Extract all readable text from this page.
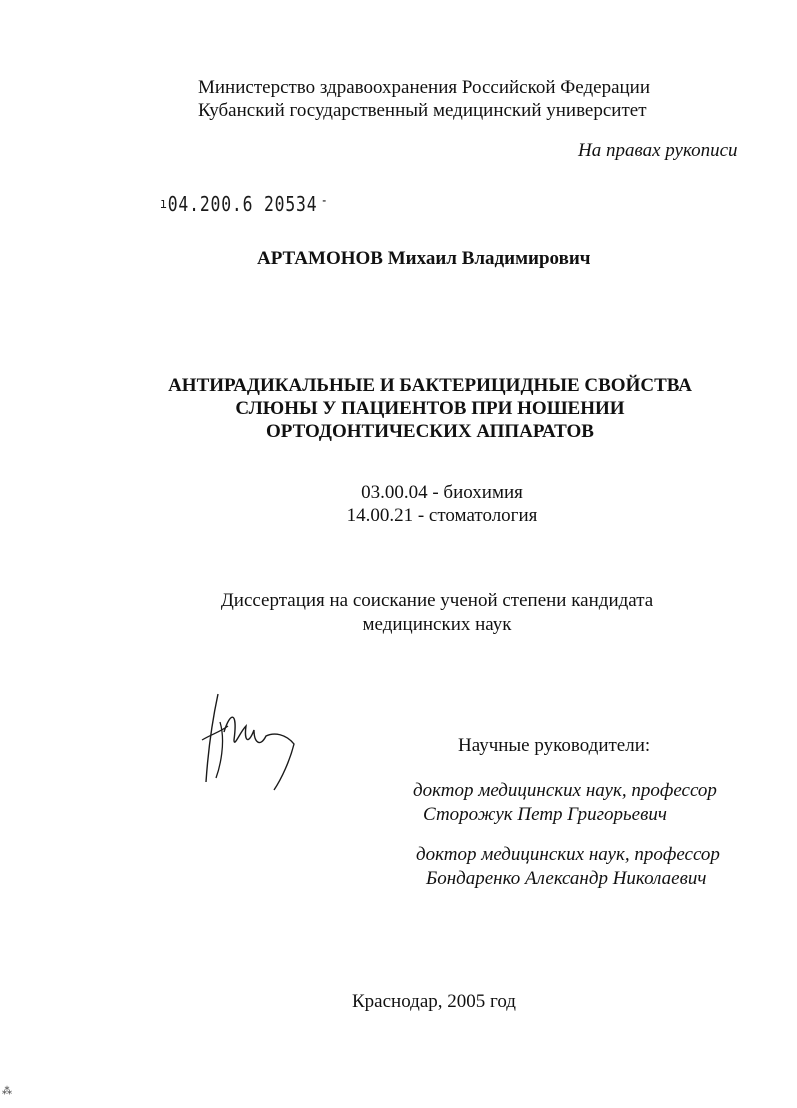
Министерство здравоохранения Российской Федерации
Кубанский государственный медицинский университет
На правах рукописи
ı04.200.6 20534 -
АРТАМОНОВ Михаил Владимирович
АНТИРАДИКАЛЬНЫЕ И БАКТЕРИЦИДНЫЕ СВОЙСТВА
СЛЮНЫ У ПАЦИЕНТОВ ПРИ НОШЕНИИ
ОРТОДОНТИЧЕСКИХ АППАРАТОВ
03.00.04 - биохимия
14.00.21 - стоматология
Диссертация на соискание ученой степени кандидата
медицинских наук
Научные руководители:
доктор медицинских наук, профессор
Сторожук Петр Григорьевич
доктор медицинских наук, профессор
Бондаренко Александр Николаевич
Краснодар, 2005 год
⁂
